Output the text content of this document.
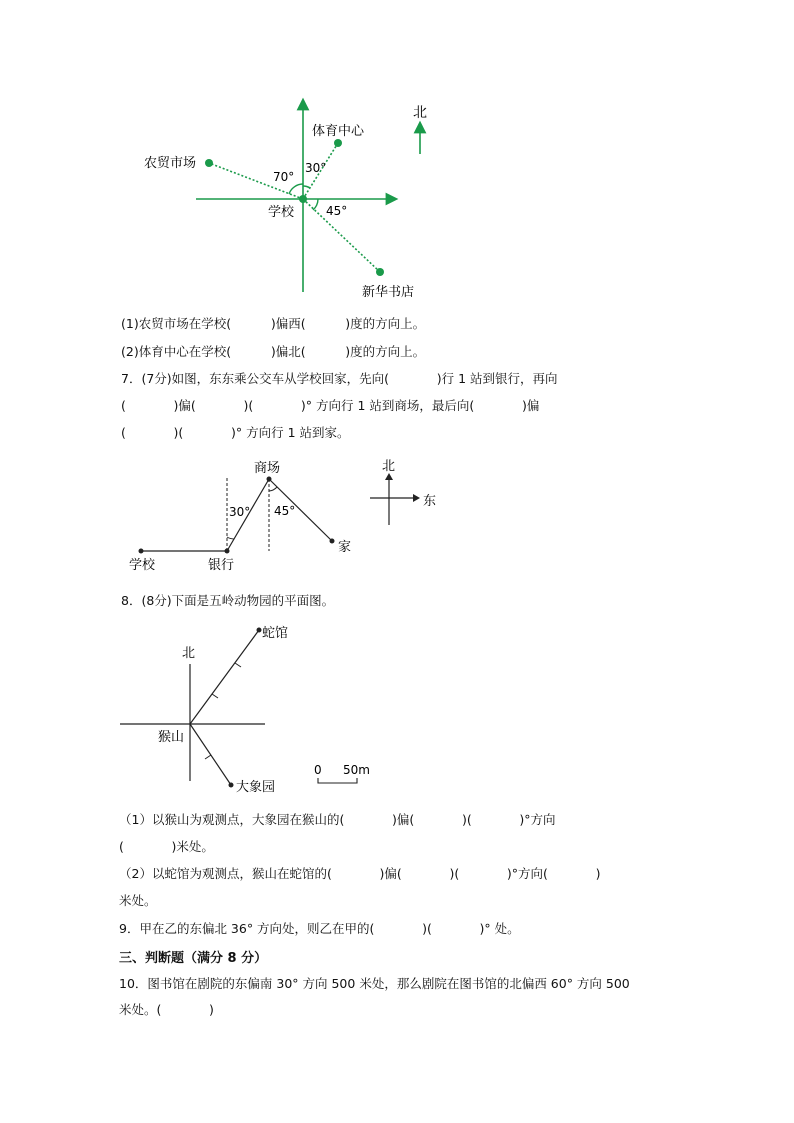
北
体育中心
农贸市场
学校
新华书店
70°
30°
45°
(1)农贸市场在学校(          )偏西(          )度的方向上。
(2)体育中心在学校(          )偏北(          )度的方向上。
7．(7分)如图，东东乘公交车从学校回家，先向(            )行 1 站到银行，再向
(            )偏(            )(            )° 方向行 1 站到商场，最后向(            )偏
(            )(            )° 方向行 1 站到家。
商场
学校	银行
家
30° 45°
北
东
8．(8分)下面是五岭动物园的平面图。
北
蛇馆
猴山
大象园
0 50m
（1）以猴山为观测点，大象园在猴山的(            )偏(            )(            )°方向
(            )米处。
（2）以蛇馆为观测点，猴山在蛇馆的(            )偏(            )(            )°方向(            )
米处。
9．甲在乙的东偏北 36° 方向处，则乙在甲的(            )(            )° 处。
三、判断题（满分 8 分）
10．图书馆在剧院的东偏南 30° 方向 500 米处，那么剧院在图书馆的北偏西 60° 方向 500
米处。(            )
